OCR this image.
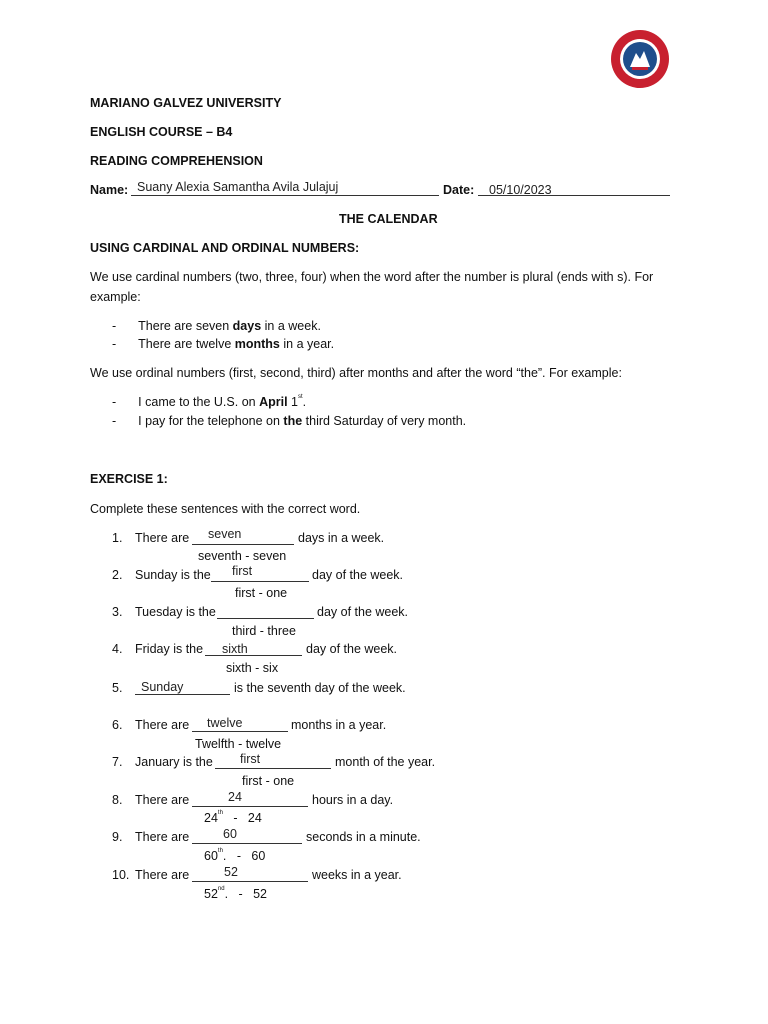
MARIANO GALVEZ UNIVERSITY
ENGLISH COURSE – B4
READING COMPREHENSION
Name: Suany Alexia Samantha Avila Julajuj	Date: 05/10/2023
THE CALENDAR
USING CARDINAL AND ORDINAL NUMBERS:
We use cardinal numbers (two, three, four) when the word after the number is plural (ends with s). For
example:
- There are seven days in a week.
- There are twelve months in a year.
We use ordinal numbers (first, second, third) after months and after the word “the”. For example:
- I came to the U.S. on April 1st.
- I pay for the telephone on the third Saturday of very month.
EXERCISE 1:
Complete these sentences with the correct word.
1. There are seven	days in a week.
seventh - seven
2. Sunday is the first	day of the week.
first - one
3. Tuesday is the	day of the week.
third - three
4. Friday is the sixth	day of the week.
sixth - six
5. Sunday	is the seventh day of the week.
6. There are twelve	months in a year.
Twelfth - twelve
7. January is the first	month of the year.
first - one
8. There are	24	hours in a day.
24th   -   24
9. There are	60	seconds in a minute.
60th.   -   60
10. There are	52	weeks in a year.
52nd.   -   52
